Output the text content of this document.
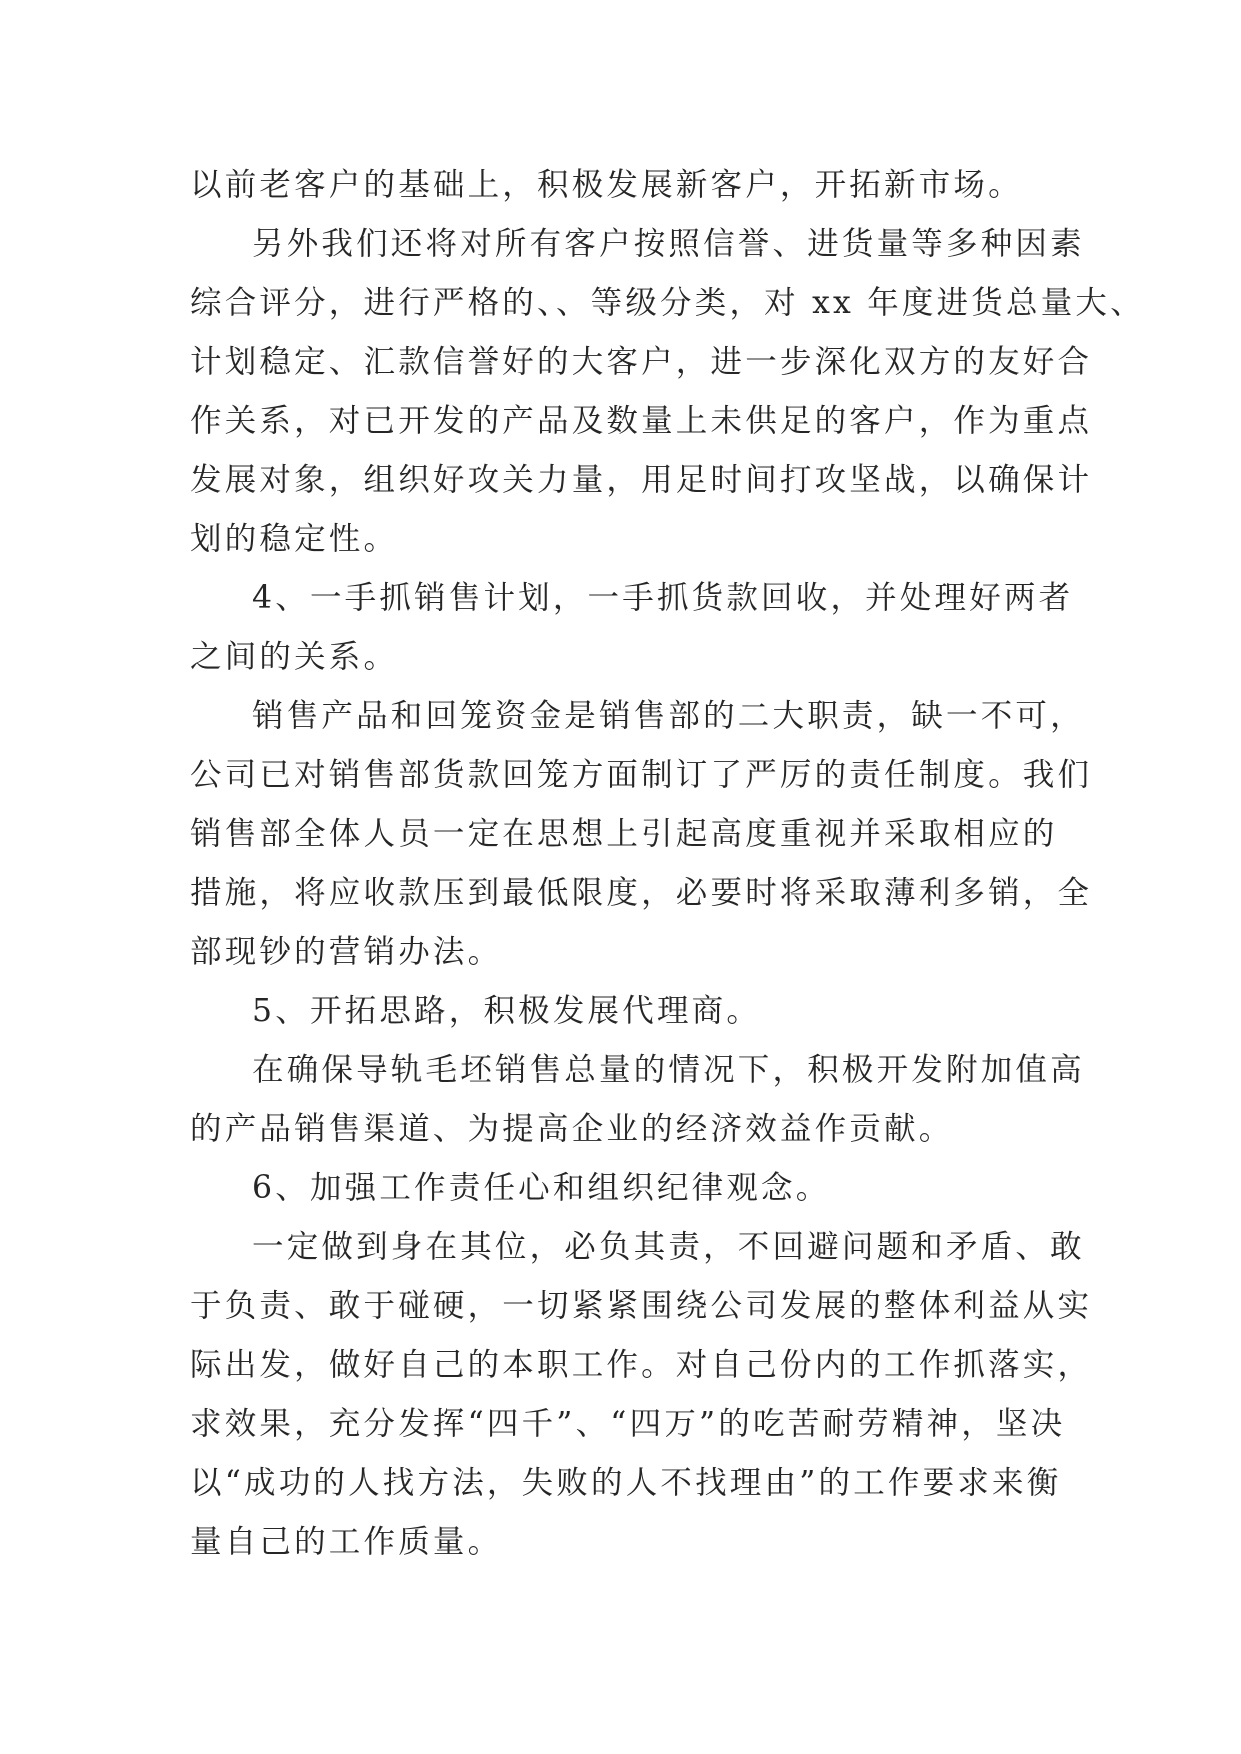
以前老客户的基础上，积极发展新客户，开拓新市场。

另外我们还将对所有客户按照信誉、进货量等多种因素

综合评分，进行严格的、、等级分类，对 xx 年度进货总量大、

计划稳定、汇款信誉好的大客户，进一步深化双方的友好合

作关系，对已开发的产品及数量上未供足的客户，作为重点

发展对象，组织好攻关力量，用足时间打攻坚战，以确保计

划的稳定性。

4、一手抓销售计划，一手抓货款回收，并处理好两者

之间的关系。

销售产品和回笼资金是销售部的二大职责，缺一不可，

公司已对销售部货款回笼方面制订了严厉的责任制度。我们

销售部全体人员一定在思想上引起高度重视并采取相应的

措施，将应收款压到最低限度，必要时将采取薄利多销，全

部现钞的营销办法。

5、开拓思路，积极发展代理商。

在确保导轨毛坯销售总量的情况下，积极开发附加值高

的产品销售渠道、为提高企业的经济效益作贡献。

6、加强工作责任心和组织纪律观念。

一定做到身在其位，必负其责，不回避问题和矛盾、敢

于负责、敢于碰硬，一切紧紧围绕公司发展的整体利益从实

际出发，做好自己的本职工作。对自己份内的工作抓落实，

求效果，充分发挥“四千”、“四万”的吃苦耐劳精神，坚决

以“成功的人找方法，失败的人不找理由”的工作要求来衡

量自己的工作质量。
